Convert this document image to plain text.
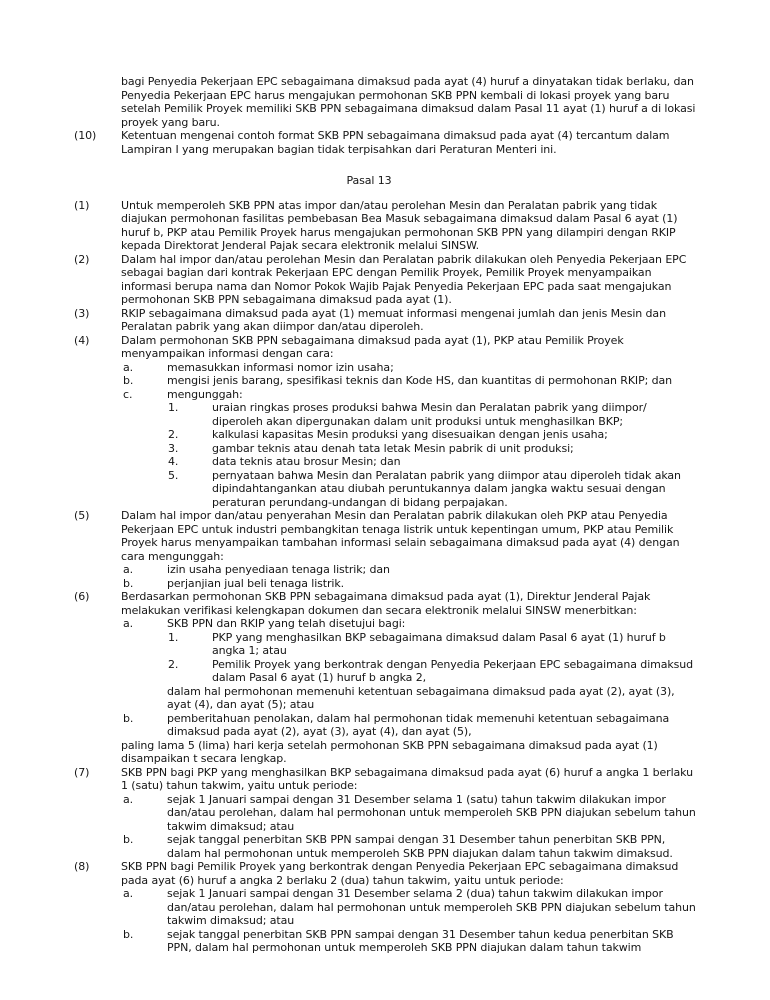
bagi Penyedia Pekerjaan EPC sebagaimana dimaksud pada ayat (4) huruf a dinyatakan tidak berlaku, dan Penyedia Pekerjaan EPC harus mengajukan permohonan SKB PPN kembali di lokasi proyek yang baru setelah Pemilik Proyek memiliki SKB PPN sebagaimana dimaksud dalam Pasal 11 ayat (1) huruf a di lokasi proyek yang baru.
(10) Ketentuan mengenai contoh format SKB PPN sebagaimana dimaksud pada ayat (4) tercantum dalam Lampiran I yang merupakan bagian tidak terpisahkan dari Peraturan Menteri ini.
Pasal 13
(1)	Untuk memperoleh SKB PPN atas impor dan/atau perolehan Mesin dan Peralatan pabrik yang tidak diajukan permohonan fasilitas pembebasan Bea Masuk sebagaimana dimaksud dalam Pasal 6 ayat (1) huruf b, PKP atau Pemilik Proyek harus mengajukan permohonan SKB PPN yang dilampiri dengan RKIP kepada Direktorat Jenderal Pajak secara elektronik melalui SINSW.
(2)	Dalam hal impor dan/atau perolehan Mesin dan Peralatan pabrik dilakukan oleh Penyedia Pekerjaan EPC sebagai bagian dari kontrak Pekerjaan EPC dengan Pemilik Proyek, Pemilik Proyek menyampaikan informasi berupa nama dan Nomor Pokok Wajib Pajak Penyedia Pekerjaan EPC pada saat mengajukan permohonan SKB PPN sebagaimana dimaksud pada ayat (1).
(3)	RKIP sebagaimana dimaksud pada ayat (1) memuat informasi mengenai jumlah dan jenis Mesin dan Peralatan pabrik yang akan diimpor dan/atau diperoleh.
(4)	Dalam permohonan SKB PPN sebagaimana dimaksud pada ayat (1), PKP atau Pemilik Proyek menyampaikan informasi dengan cara:
a.	memasukkan informasi nomor izin usaha;
b.	mengisi jenis barang, spesifikasi teknis dan Kode HS, dan kuantitas di permohonan RKIP; dan
c.	mengunggah:
1.	uraian ringkas proses produksi bahwa Mesin dan Peralatan pabrik yang diimpor/ diperoleh akan dipergunakan dalam unit produksi untuk menghasilkan BKP;
2.	kalkulasi kapasitas Mesin produksi yang disesuaikan dengan jenis usaha;
3.	gambar teknis atau denah tata letak Mesin pabrik di unit produksi;
4.	data teknis atau brosur Mesin; dan
5.	pernyataan bahwa Mesin dan Peralatan pabrik yang diimpor atau diperoleh tidak akan dipindahtangankan atau diubah peruntukannya dalam jangka waktu sesuai dengan peraturan perundang-undangan di bidang perpajakan.
(5)	Dalam hal impor dan/atau penyerahan Mesin dan Peralatan pabrik dilakukan oleh PKP atau Penyedia Pekerjaan EPC untuk industri pembangkitan tenaga listrik untuk kepentingan umum, PKP atau Pemilik Proyek harus menyampaikan tambahan informasi selain sebagaimana dimaksud pada ayat (4) dengan cara mengunggah:
a.	izin usaha penyediaan tenaga listrik; dan
b.	perjanjian jual beli tenaga listrik.
(6)	Berdasarkan permohonan SKB PPN sebagaimana dimaksud pada ayat (1), Direktur Jenderal Pajak melakukan verifikasi kelengkapan dokumen dan secara elektronik melalui SINSW menerbitkan:
a.	SKB PPN dan RKIP yang telah disetujui bagi:
1.	PKP yang menghasilkan BKP sebagaimana dimaksud dalam Pasal 6 ayat (1) huruf b angka 1; atau
2.	Pemilik Proyek yang berkontrak dengan Penyedia Pekerjaan EPC sebagaimana dimaksud dalam Pasal 6 ayat (1) huruf b angka 2,
dalam hal permohonan memenuhi ketentuan sebagaimana dimaksud pada ayat (2), ayat (3), ayat (4), dan ayat (5); atau
b.	pemberitahuan penolakan, dalam hal permohonan tidak memenuhi ketentuan sebagaimana dimaksud pada ayat (2), ayat (3), ayat (4), dan ayat (5),
paling lama 5 (lima) hari kerja setelah permohonan SKB PPN sebagaimana dimaksud pada ayat (1) disampaikan t secara lengkap.
(7)	SKB PPN bagi PKP yang menghasilkan BKP sebagaimana dimaksud pada ayat (6) huruf a angka 1 berlaku 1 (satu) tahun takwim, yaitu untuk periode:
a.	sejak 1 Januari sampai dengan 31 Desember selama 1 (satu) tahun takwim dilakukan impor dan/atau perolehan, dalam hal permohonan untuk memperoleh SKB PPN diajukan sebelum tahun takwim dimaksud; atau
b.	sejak tanggal penerbitan SKB PPN sampai dengan 31 Desember tahun penerbitan SKB PPN, dalam hal permohonan untuk memperoleh SKB PPN diajukan dalam tahun takwim dimaksud.
(8)	SKB PPN bagi Pemilik Proyek yang berkontrak dengan Penyedia Pekerjaan EPC sebagaimana dimaksud pada ayat (6) huruf a angka 2 berlaku 2 (dua) tahun takwim, yaitu untuk periode:
a.	sejak 1 Januari sampai dengan 31 Desember selama 2 (dua) tahun takwim dilakukan impor dan/atau perolehan, dalam hal permohonan untuk memperoleh SKB PPN diajukan sebelum tahun takwim dimaksud; atau
b.	sejak tanggal penerbitan SKB PPN sampai dengan 31 Desember tahun kedua penerbitan SKB PPN, dalam hal permohonan untuk memperoleh SKB PPN diajukan dalam tahun takwim
